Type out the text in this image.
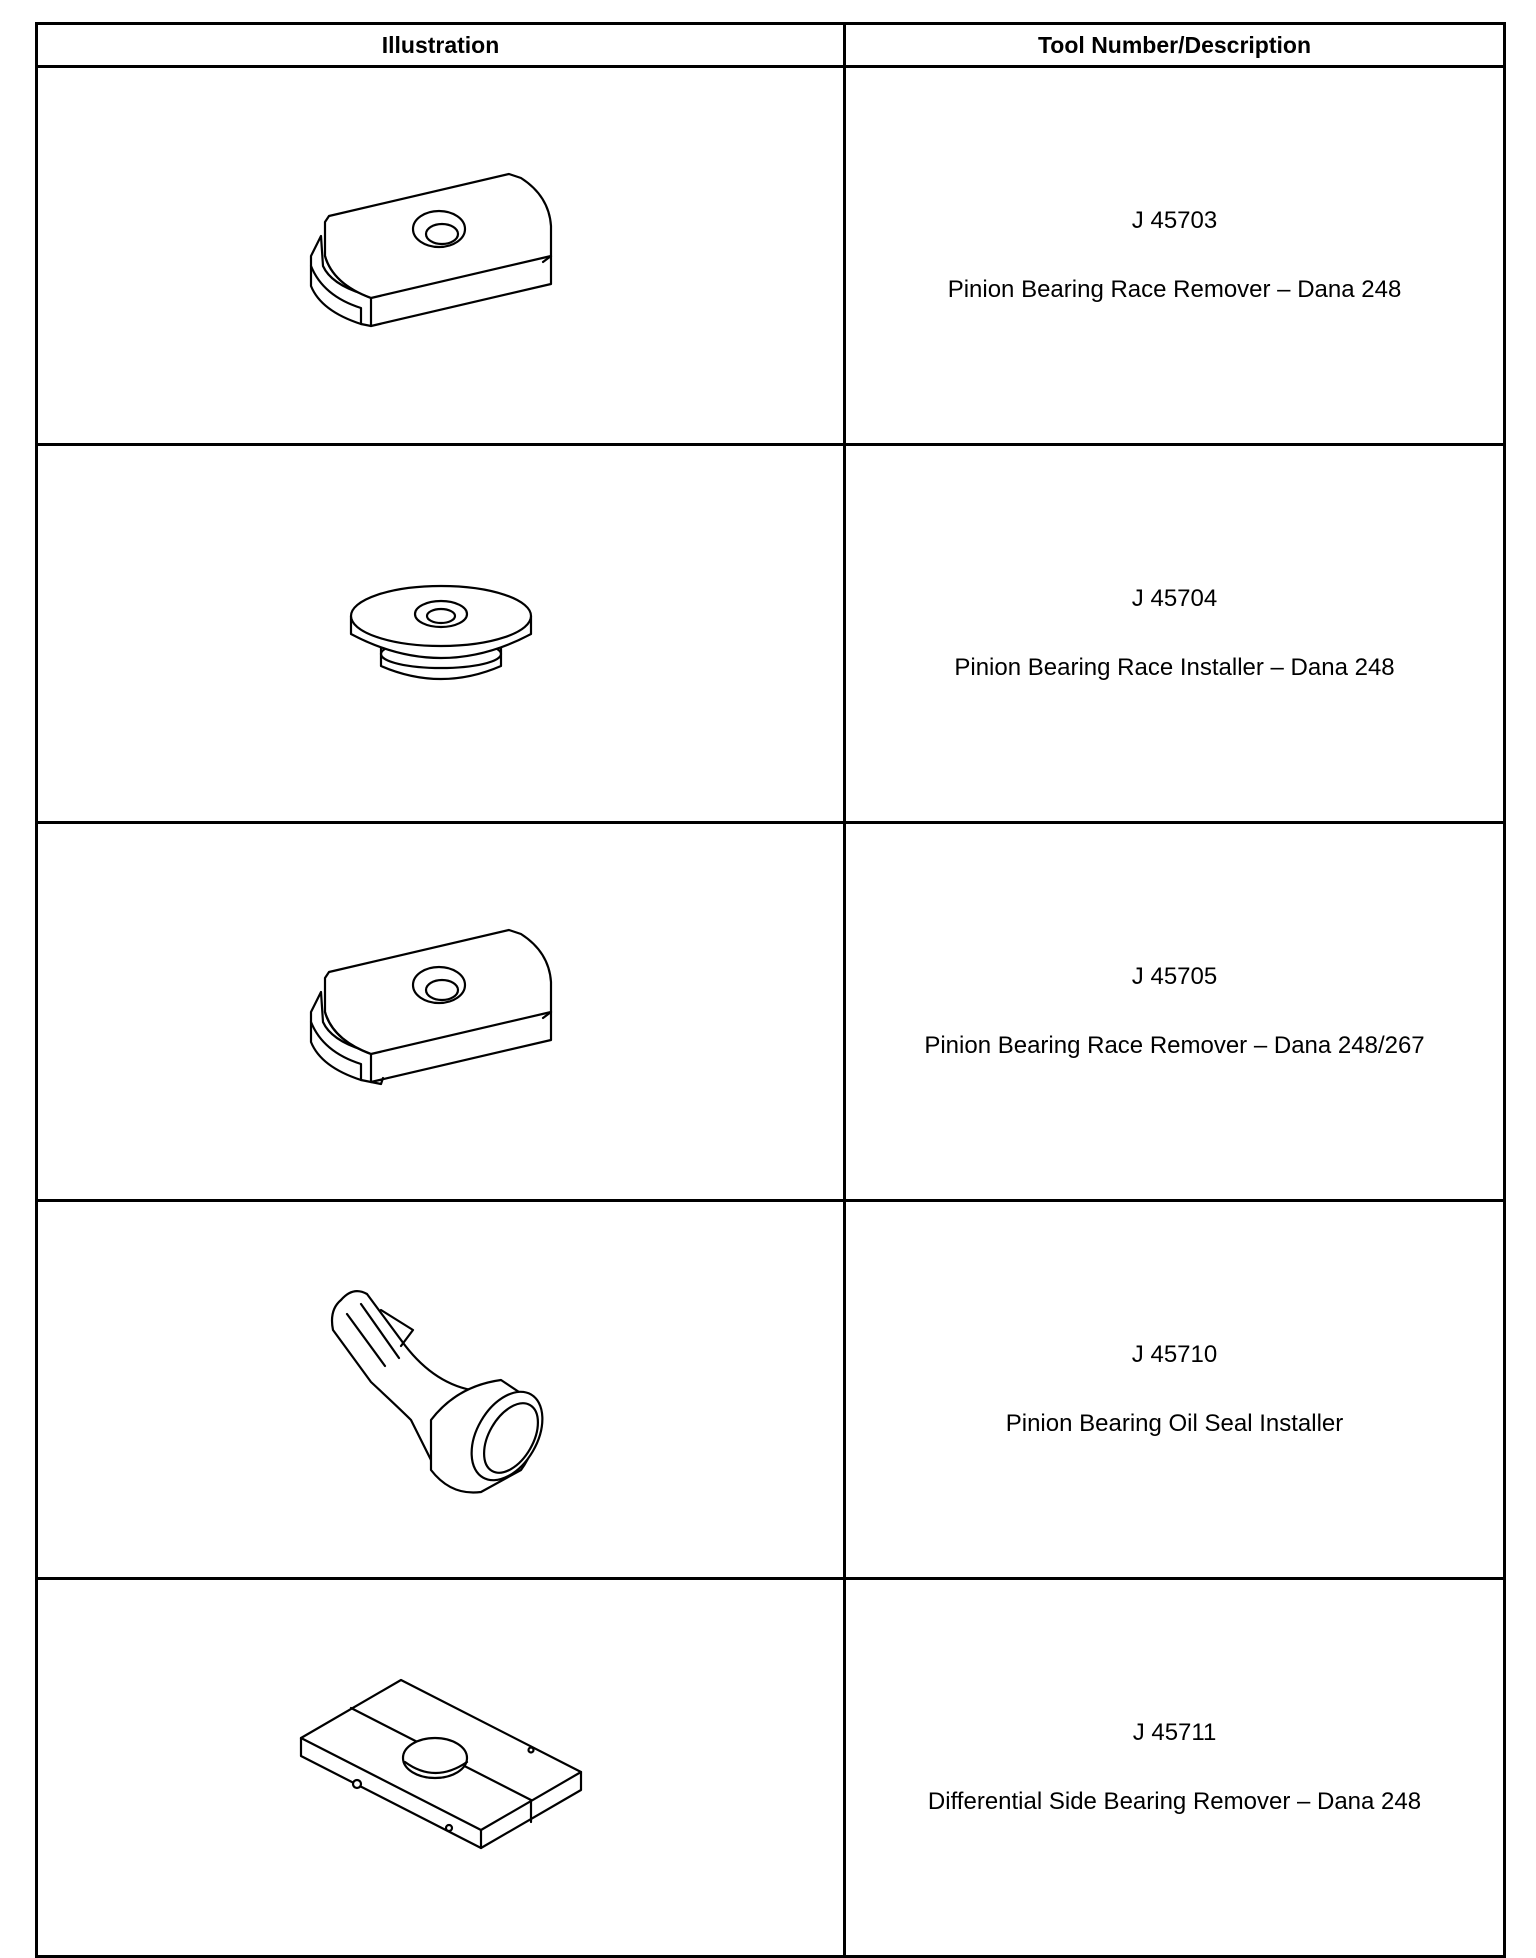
Illustration	Tool Number/Description

J 45703
Pinion Bearing Race Remover – Dana 248

J 45704
Pinion Bearing Race Installer – Dana 248

J 45705
Pinion Bearing Race Remover – Dana 248/267

J 45710
Pinion Bearing Oil Seal Installer

J 45711
Differential Side Bearing Remover – Dana 248
